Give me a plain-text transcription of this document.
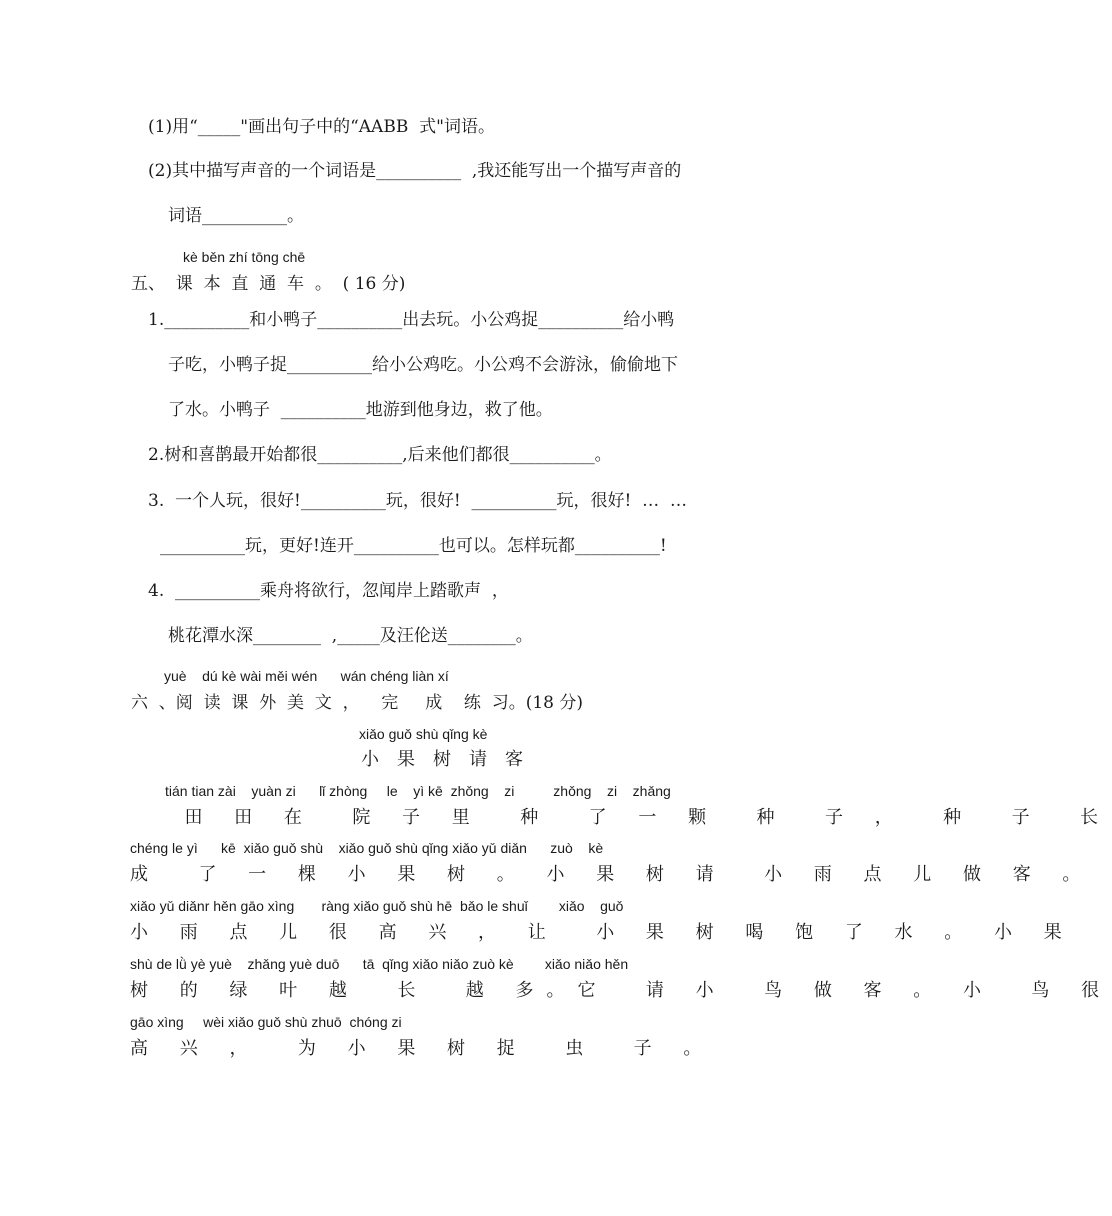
(1)用“_____"画出句子中的“AABB  式"词语。
(2)其中描写声音的一个词语是__________  ,我还能写出一个描写声音的
词语__________。
kè běn zhí tōng chē
五、  课  本  直  通  车  。  ( 16 分)
1.__________和小鸭子__________出去玩。小公鸡捉__________给小鸭
子吃，小鸭子捉__________给小公鸡吃。小公鸡不会游泳，偷偷地下
了水。小鸭子  __________地游到他身边，救了他。
2.树和喜鹊最开始都很__________,后来他们都很__________。
3.  一个人玩，很好!__________玩，很好!  __________玩，很好!  …  …
__________玩，更好!连开__________也可以。怎样玩都__________!
4.  __________乘舟将欲行，忽闻岸上踏歌声  ，
桃花潭水深________  ,_____及汪伦送________。
yuè    dú kè wài měi wén      wán chéng liàn xí
六  、阅  读  课  外  美  文  ，    完     成    练  习。(18 分)
xiǎo guǒ shù qǐng kè
小果树请客
tián tian zài    yuàn zi      lǐ zhòng     le    yì kē  zhǒng    zi          zhǒng    zi    zhǎng
田 田 在  院 子 里  种  了 一 颗  种  子 ，  种  子  长
chéng le yì      kē  xiǎo guǒ shù    xiǎo guǒ shù qǐng xiǎo yǔ diǎn      zuò    kè
成  了 一 棵 小 果 树 。 小 果 树 请  小 雨 点 儿 做 客 。
xiǎo yǔ diǎnr hěn gāo xìng       ràng xiǎo guǒ shù hē  bǎo le shuǐ        xiǎo    guǒ
小 雨 点 儿 很 高 兴 ， 让  小 果 树 喝 饱 了 水 。 小 果
shù de lǜ yè yuè    zhǎng yuè duō      tā  qǐng xiǎo niǎo zuò kè        xiǎo niǎo hěn
树 的 绿 叶 越  长  越 多。它  请 小  鸟 做 客 。 小  鸟 很
gāo xìng     wèi xiǎo guǒ shù zhuō  chóng zi
高 兴 ，  为 小 果 树 捉  虫  子 。
